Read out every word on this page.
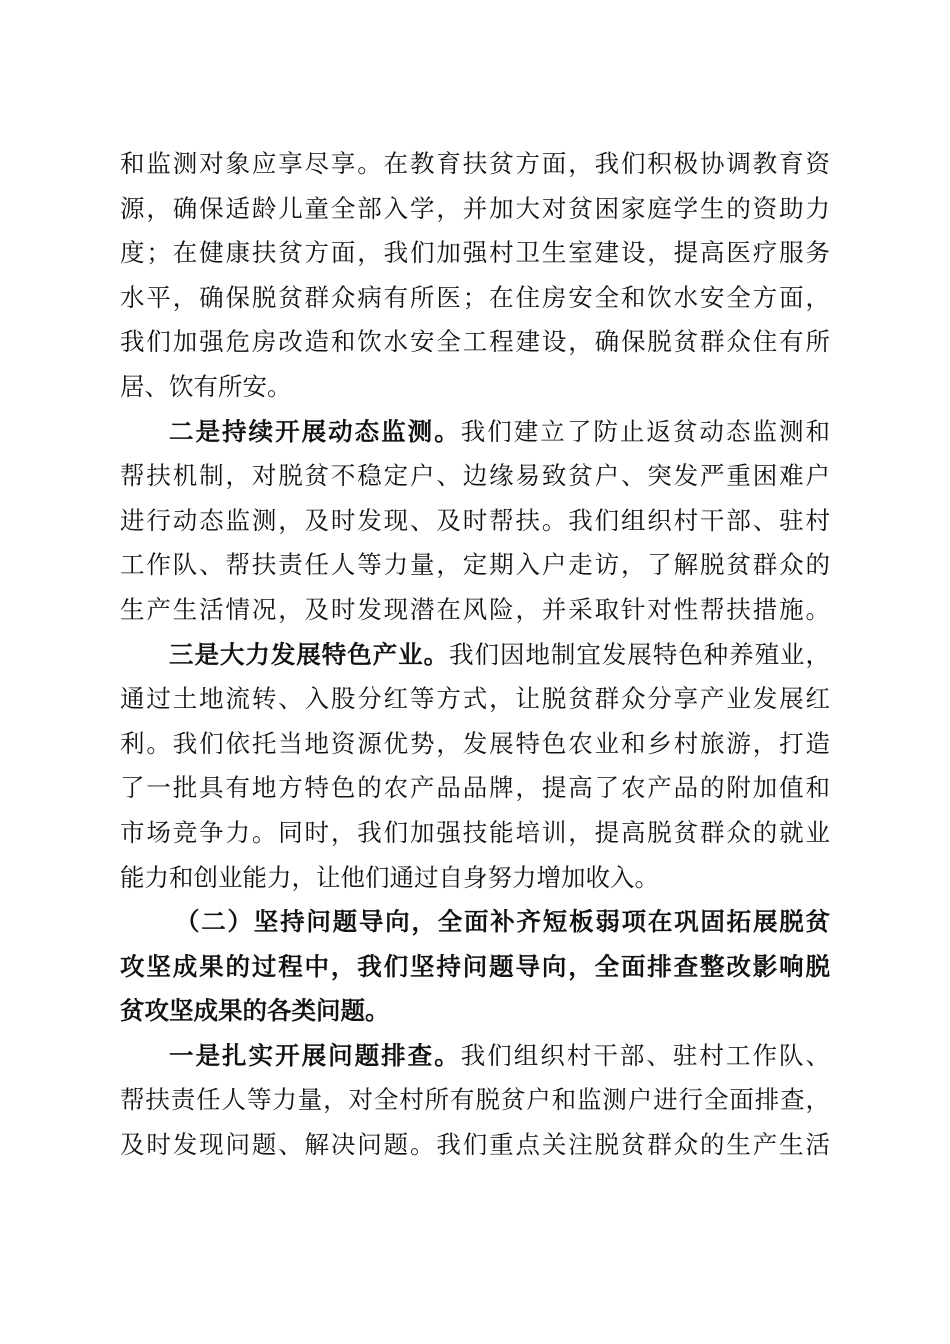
和监测对象应享尽享。在教育扶贫方面，我们积极协调教育资
源，确保适龄儿童全部入学，并加大对贫困家庭学生的资助力
度；在健康扶贫方面，我们加强村卫生室建设，提高医疗服务
水平，确保脱贫群众病有所医；在住房安全和饮水安全方面，
我们加强危房改造和饮水安全工程建设，确保脱贫群众住有所
居、饮有所安。
二是持续开展动态监测。我们建立了防止返贫动态监测和
帮扶机制，对脱贫不稳定户、边缘易致贫户、突发严重困难户
进行动态监测，及时发现、及时帮扶。我们组织村干部、驻村
工作队、帮扶责任人等力量，定期入户走访，了解脱贫群众的
生产生活情况，及时发现潜在风险，并采取针对性帮扶措施。
三是大力发展特色产业。我们因地制宜发展特色种养殖业，
通过土地流转、入股分红等方式，让脱贫群众分享产业发展红
利。我们依托当地资源优势，发展特色农业和乡村旅游，打造
了一批具有地方特色的农产品品牌，提高了农产品的附加值和
市场竞争力。同时，我们加强技能培训，提高脱贫群众的就业
能力和创业能力，让他们通过自身努力增加收入。
（二）坚持问题导向，全面补齐短板弱项在巩固拓展脱贫
攻坚成果的过程中，我们坚持问题导向，全面排查整改影响脱
贫攻坚成果的各类问题。
一是扎实开展问题排查。我们组织村干部、驻村工作队、
帮扶责任人等力量，对全村所有脱贫户和监测户进行全面排查，
及时发现问题、解决问题。我们重点关注脱贫群众的生产生活
